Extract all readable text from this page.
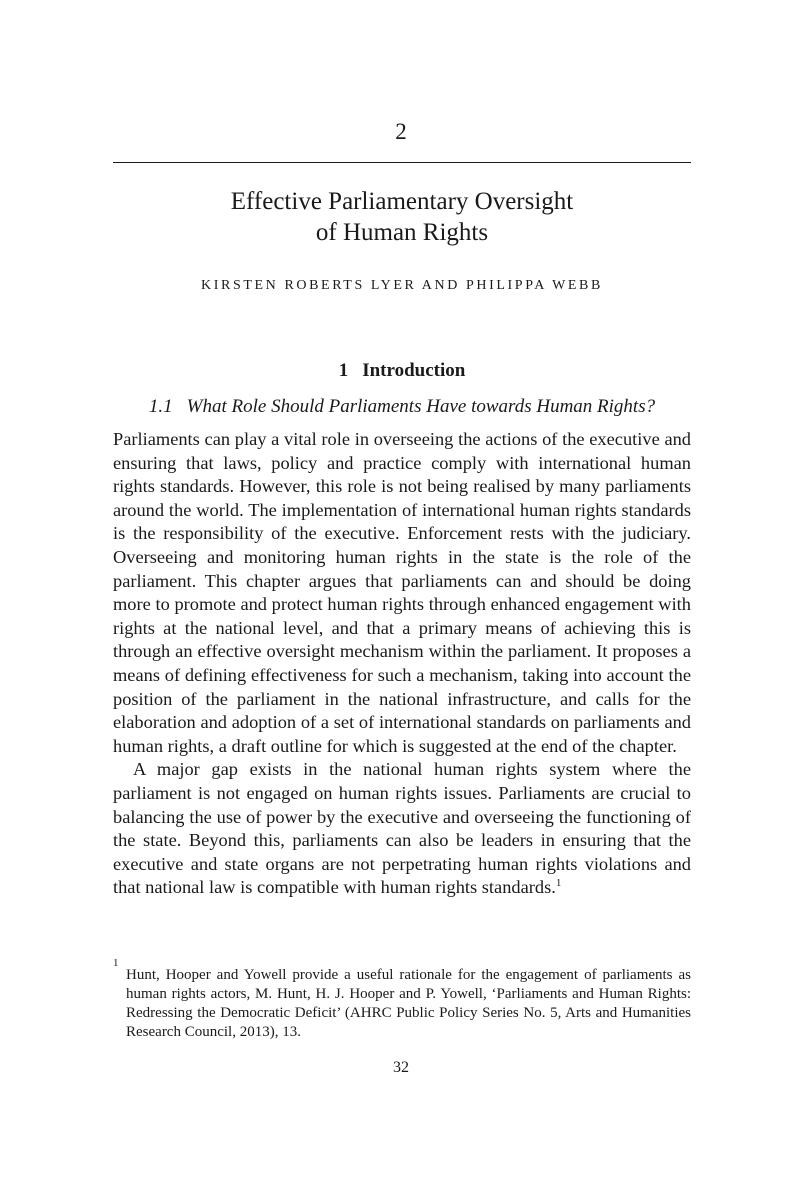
2
Effective Parliamentary Oversight
of Human Rights
KIRSTEN ROBERTS LYER AND PHILIPPA WEBB
1 Introduction
1.1 What Role Should Parliaments Have towards Human Rights?

Parliaments can play a vital role in overseeing the actions of the executive and ensuring that laws, policy and practice comply with international human rights standards. However, this role is not being realised by many parliaments around the world. The implementation of international human rights standards is the responsibility of the executive. Enforcement rests with the judiciary. Overseeing and monitoring human rights in the state is the role of the parliament. This chapter argues that parliaments can and should be doing more to promote and protect human rights through enhanced engagement with rights at the national level, and that a primary means of achieving this is through an effective oversight mechanism within the parliament. It proposes a means of defining effectiveness for such a mechanism, taking into account the position of the parliament in the national infrastructure, and calls for the elaboration and adoption of a set of international standards on parliaments and human rights, a draft outline for which is suggested at the end of the chapter.

A major gap exists in the national human rights system where the parliament is not engaged on human rights issues. Parliaments are crucial to balancing the use of power by the executive and overseeing the functioning of the state. Beyond this, parliaments can also be leaders in ensuring that the executive and state organs are not perpetrating human rights violations and that national law is compatible with human rights standards.$^1$

1
Hunt, Hooper and Yowell provide a useful rationale for the engagement of parliaments as human rights actors, M. Hunt, H. J. Hooper and P. Yowell, ‘Parliaments and Human Rights: Redressing the Democratic Deficit’ (AHRC Public Policy Series No. 5, Arts and Humanities Research Council, 2013), 13.
32
